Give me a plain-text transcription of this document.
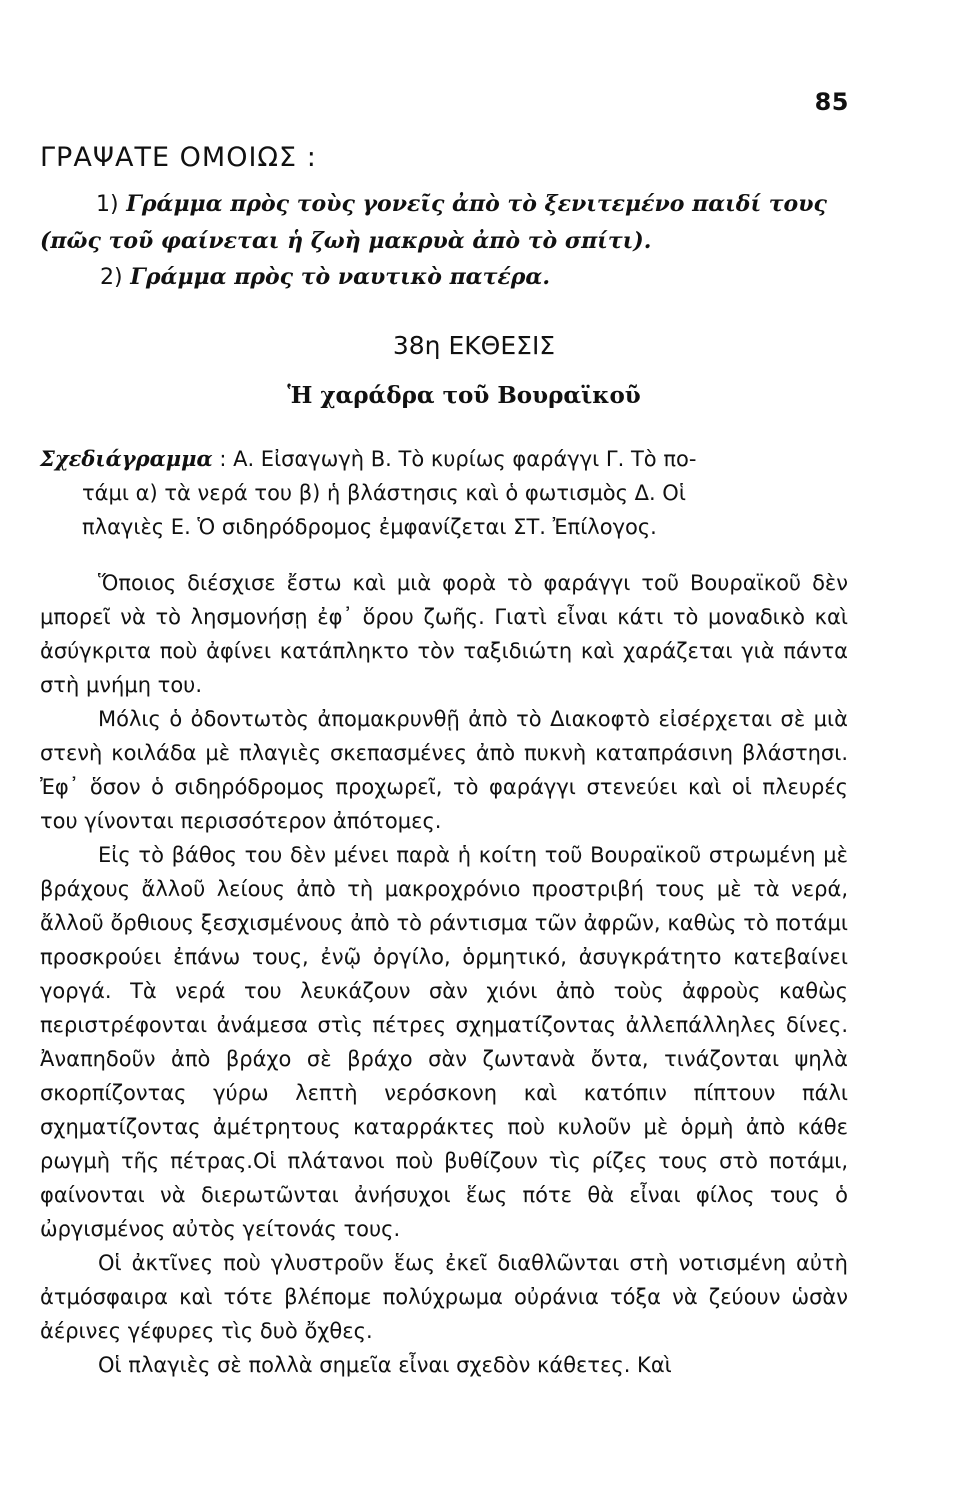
85
ΓΡΑΨΑΤΕ ΟΜΟΙΩΣ :

1) Γράμμα πρὸς τοὺς γονεῖς ἀπὸ τὸ ξενιτεμένο παιδί τους

(πῶς τοῦ φαίνεται ἡ ζωὴ μακρυὰ ἀπὸ τὸ σπίτι).

2) Γράμμα πρὸς τὸ ναυτικὸ πατέρα.

38η ΕΚΘΕΣΙΣ
Ἡ χαράδρα τοῦ Βουραϊκοῦ
Σχεδιάγραμμα : Α. Εἰσαγωγὴ Β. Τὸ κυρίως φαράγγι Γ. Τὸ πο-
τάμι α) τὰ νερά του β) ἡ βλάστησις καὶ ὁ φωτισμὸς Δ. Οἱ
πλαγιὲς Ε. Ὁ σιδηρόδρομος ἐμφανίζεται ΣΤ. Ἐπίλογος.

Ὅποιος διέσχισε ἔστω καὶ μιὰ φορὰ τὸ φαράγγι τοῦ Βουραϊκοῦ δὲν μπορεῖ νὰ τὸ λησμονήσῃ ἐφ᾽ ὅρου ζωῆς. Γιατὶ εἶναι κάτι τὸ μοναδικὸ καὶ ἀσύγκριτα ποὺ ἀφίνει κατάπληκτο τὸν ταξιδιώτη καὶ χαράζεται γιὰ πάντα στὴ μνήμη του.

Μόλις ὁ ὀδοντωτὸς ἀπομακρυνθῇ ἀπὸ τὸ Διακοφτὸ εἰσέρχεται σὲ μιὰ στενὴ κοιλάδα μὲ πλαγιὲς σκεπασμένες ἀπὸ πυκνὴ καταπράσινη βλάστησι. Ἐφ᾽ ὅσον ὁ σιδηρόδρομος προχωρεῖ, τὸ φαράγγι στενεύει καὶ οἱ πλευρές του γίνονται περισσότερον ἀπότομες.

Εἰς τὸ βάθος του δὲν μένει παρὰ ἡ κοίτη τοῦ Βουραϊκοῦ στρωμένη μὲ βράχους ἄλλοῦ λείους ἀπὸ τὴ μακροχρόνιο προστριβή τους μὲ τὰ νερά, ἄλλοῦ ὄρθιους ξεσχισμένους ἀπὸ τὸ ράντισμα τῶν ἀφρῶν, καθὼς τὸ ποτάμι προσκρούει ἐπάνω τους, ἐνῷ ὀργίλο, ὁρμητικό, ἀσυγκράτητο κατεβαίνει γοργά. Τὰ νερά του λευκάζουν σὰν χιόνι ἀπὸ τοὺς ἀφροὺς καθὼς περιστρέφονται ἀνάμεσα στὶς πέτρες σχηματίζοντας ἀλλεπάλληλες δίνες. Ἀναπηδοῦν ἀπὸ βράχο σὲ βράχο σὰν ζωντανὰ ὄντα, τινάζονται ψηλὰ σκορπίζοντας γύρω λεπτὴ νερόσκονη καὶ κατόπιν πίπτουν πάλι σχηματίζοντας ἀμέτρητους καταρράκτες ποὺ κυλοῦν μὲ ὁρμὴ ἀπὸ κάθε ρωγμὴ τῆς πέτρας.Οἱ πλάτανοι ποὺ βυθίζουν τὶς ρίζες τους στὸ ποτάμι, φαίνονται νὰ διερωτῶνται ἀνήσυχοι ἕως πότε θὰ εἶναι φίλος τους ὁ ὠργισμένος αὐτὸς γείτονάς τους.

Οἱ ἀκτῖνες ποὺ γλυστροῦν ἕως ἐκεῖ διαθλῶνται στὴ νοτισμένη αὐτὴ ἀτμόσφαιρα καὶ τότε βλέπομε πολύχρωμα οὐράνια τόξα νὰ ζεύουν ὡσὰν ἀέρινες γέφυρες τὶς δυὸ ὄχθες.

Οἱ πλαγιὲς σὲ πολλὰ σημεῖα εἶναι σχεδὸν κάθετες. Καὶ
